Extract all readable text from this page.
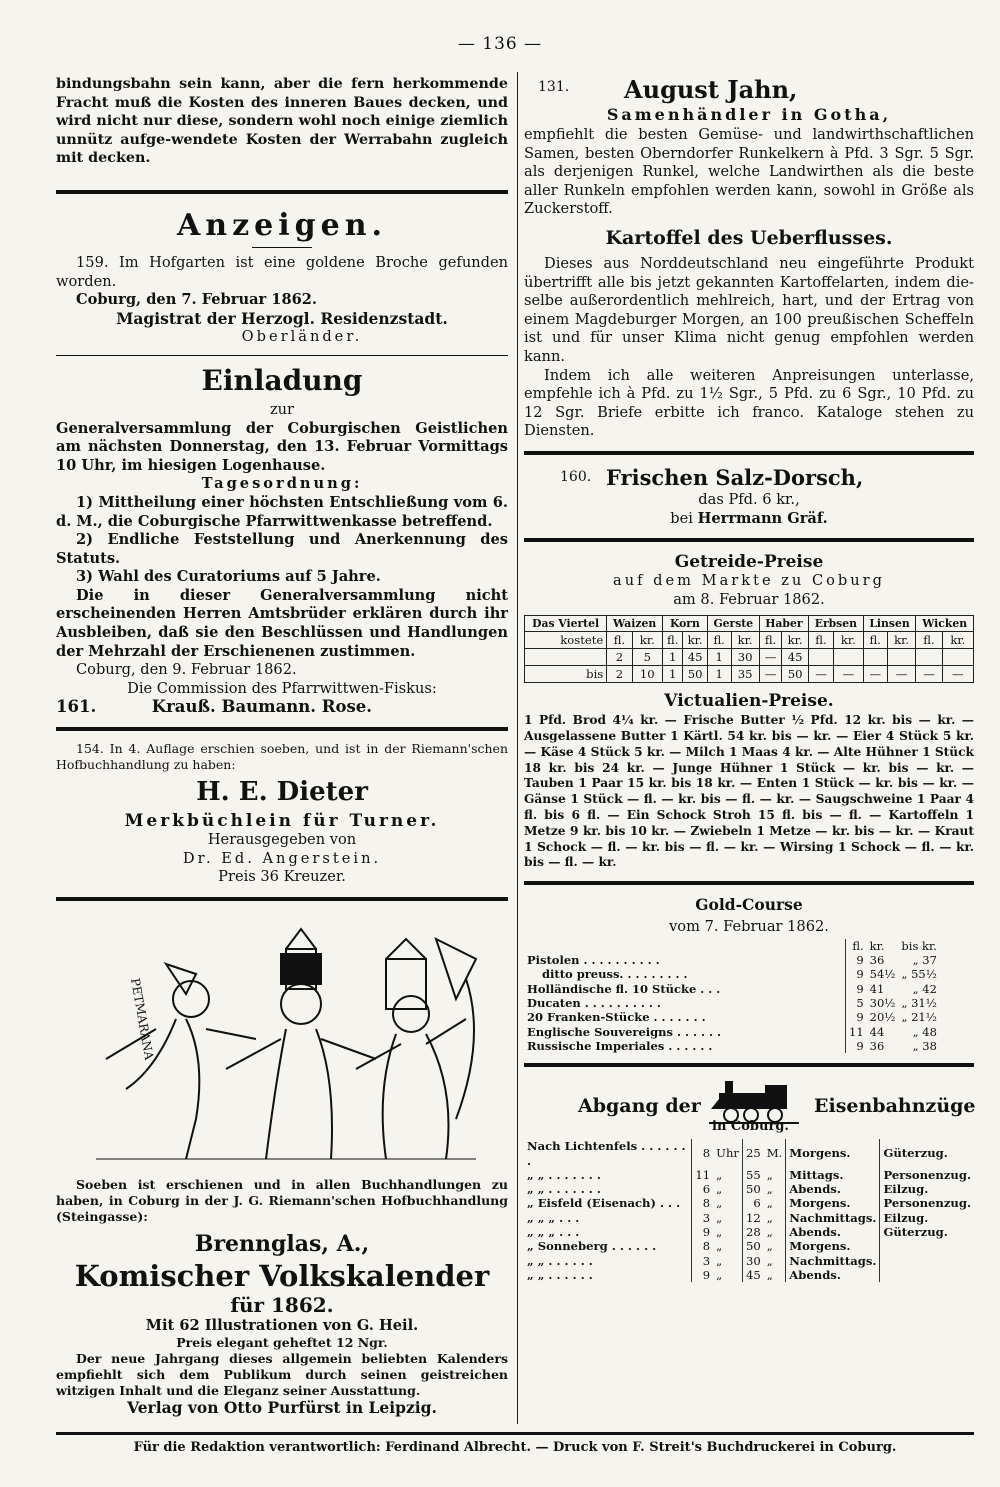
— 136 —

bindungsbahn sein kann, aber die fern herkommende Fracht muß die Kosten des inneren Baues decken, und wird nicht nur diese, sondern wohl noch einige ziemlich unnütz aufge-wendete Kosten der Werrabahn zugleich mit decken.

Anzeigen.

159. Im Hofgarten ist eine goldene Broche gefunden worden.

Coburg, den 7. Februar 1862.

Magistrat der Herzogl. Residenzstadt.

Oberländer.

Einladung
zur

Generalversammlung der Coburgischen Geistlichen am nächsten Donnerstag, den 13. Februar Vormittags 10 Uhr, im hiesigen Logenhause.

Tagesordnung:

1) Mittheilung einer höchsten Entschließung vom 6. d. M., die Coburgische Pfarrwittwenkasse betreffend.

2) Endliche Feststellung und Anerkennung des Statuts.

3) Wahl des Curatoriums auf 5 Jahre.

Die in dieser Generalversammlung nicht erscheinenden Herren Amtsbrüder erklären durch ihr Ausbleiben, daß sie den Beschlüssen und Handlungen der Mehrzahl der Erschienenen zustimmen.

Coburg, den 9. Februar 1862.

Die Commission des Pfarrwittwen-Fiskus:

161.	Krauß. Baumann. Rose.

154. In 4. Auflage erschien soeben, und ist in der Riemann'schen Hofbuchhandlung zu haben:

H. E. Dieter
Merkbüchlein für Turner.
Herausgegeben von
Dr. Ed. Angerstein.
Preis 36 Kreuzer.
PETMARANA

Soeben ist erschienen und in allen Buchhandlungen zu haben, in Coburg in der J. G. Riemann'schen Hofbuchhandlung (Steingasse):

Brennglas, A.,
Komischer Volkskalender
für 1862.
Mit 62 Illustrationen von G. Heil.
Preis elegant geheftet 12 Ngr.

Der neue Jahrgang dieses allgemein beliebten Kalenders empfiehlt sich dem Publikum durch seinen geistreichen witzigen Inhalt und die Eleganz seiner Ausstattung.

Verlag von Otto Purfürst in Leipzig.
131. August Jahn,
Samenhändler in Gotha,

empfiehlt die besten Gemüse- und landwirthschaftlichen Samen, besten Oberndorfer Runkelkern à Pfd. 3 Sgr. 5 Sgr. als derjenigen Runkel, welche Landwirthen als die beste aller Runkeln empfohlen werden kann, sowohl in Größe als Zuckerstoff.

Kartoffel des Ueberflusses.

Dieses aus Norddeutschland neu eingeführte Produkt übertrifft alle bis jetzt gekannten Kartoffelarten, indem die-selbe außerordentlich mehlreich, hart, und der Ertrag von einem Magdeburger Morgen, an 100 preußischen Scheffeln ist und für unser Klima nicht genug empfohlen werden kann.

Indem ich alle weiteren Anpreisungen unterlasse, empfehle ich à Pfd. zu 1½ Sgr., 5 Pfd. zu 6 Sgr., 10 Pfd. zu 12 Sgr. Briefe erbitte ich franco. Kataloge stehen zu Diensten.

160. Frischen Salz-Dorsch,
das Pfd. 6 kr.,
bei Herrmann Gräf.
Getreide-Preise
auf dem Markte zu Coburg
am 8. Februar 1862.
Das Viertel	Waizen		Korn		Gerste		Haber		Erbsen		Linsen		Wicken	
kostete	fl.	kr.	fl.	kr.	fl.	kr.	fl.	kr.	fl.	kr.	fl.	kr.	fl.	kr.
	2	5	1	45	1	30	—	45						
bis	2	10	1	50	1	35	—	50	—	—	—	—	—	—
Victualien-Preise.

1 Pfd. Brod 4¼ kr. — Frische Butter ½ Pfd. 12 kr. bis — kr. — Ausgelassene Butter 1 Kärtl. 54 kr. bis — kr. — Eier 4 Stück 5 kr. — Käse 4 Stück 5 kr. — Milch 1 Maas 4 kr. — Alte Hühner 1 Stück 18 kr. bis 24 kr. — Junge Hühner 1 Stück — kr. bis — kr. — Tauben 1 Paar 15 kr. bis 18 kr. — Enten 1 Stück — kr. bis — kr. — Gänse 1 Stück — fl. — kr. bis — fl. — kr. — Saugschweine 1 Paar 4 fl. bis 6 fl. — Ein Schock Stroh 15 fl. bis — fl. — Kartoffeln 1 Metze 9 kr. bis 10 kr. — Zwiebeln 1 Metze — kr. bis — kr. — Kraut 1 Schock — fl. — kr. bis — fl. — kr. — Wirsing 1 Schock — fl. — kr. bis — fl. — kr.

Gold-Course
vom 7. Februar 1862.
	fl.	kr.	bis kr.
Pistolen . . . . . . . . . .	9	36	„ 37
ditto preuss. . . . . . . . .	9	54½	„ 55½
Holländische fl. 10 Stücke . . .	9	41	„ 42
Ducaten . . . . . . . . . .	5	30½	„ 31½
20 Franken-Stücke . . . . . . .	9	20½	„ 21½
Englische Souvereigns . . . . . .	11	44	„ 48
Russische Imperiales . . . . . .	9	36	„ 38
Abgang der	Eisenbahnzüge
in Coburg.
Nach Lichtenfels . . . . . . .	8	Uhr	25	M.	Morgens.	Güterzug.
„ „ . . . . . . .	11	„	55	„	Mittags.	Personenzug.
„ „ . . . . . . .	6	„	50	„	Abends.	Eilzug.
„ Eisfeld (Eisenach) . . .	8	„	6	„	Morgens.	Personenzug.
„ „ „ . . .	3	„	12	„	Nachmittags.	Eilzug.
„ „ „ . . .	9	„	28	„	Abends.	Güterzug.
„ Sonneberg . . . . . .	8	„	50	„	Morgens.	
„ „ . . . . . .	3	„	30	„	Nachmittags.	
„ „ . . . . . .	9	„	45	„	Abends.	
Für die Redaktion verantwortlich: Ferdinand Albrecht. — Druck von F. Streit's Buchdruckerei in Coburg.
